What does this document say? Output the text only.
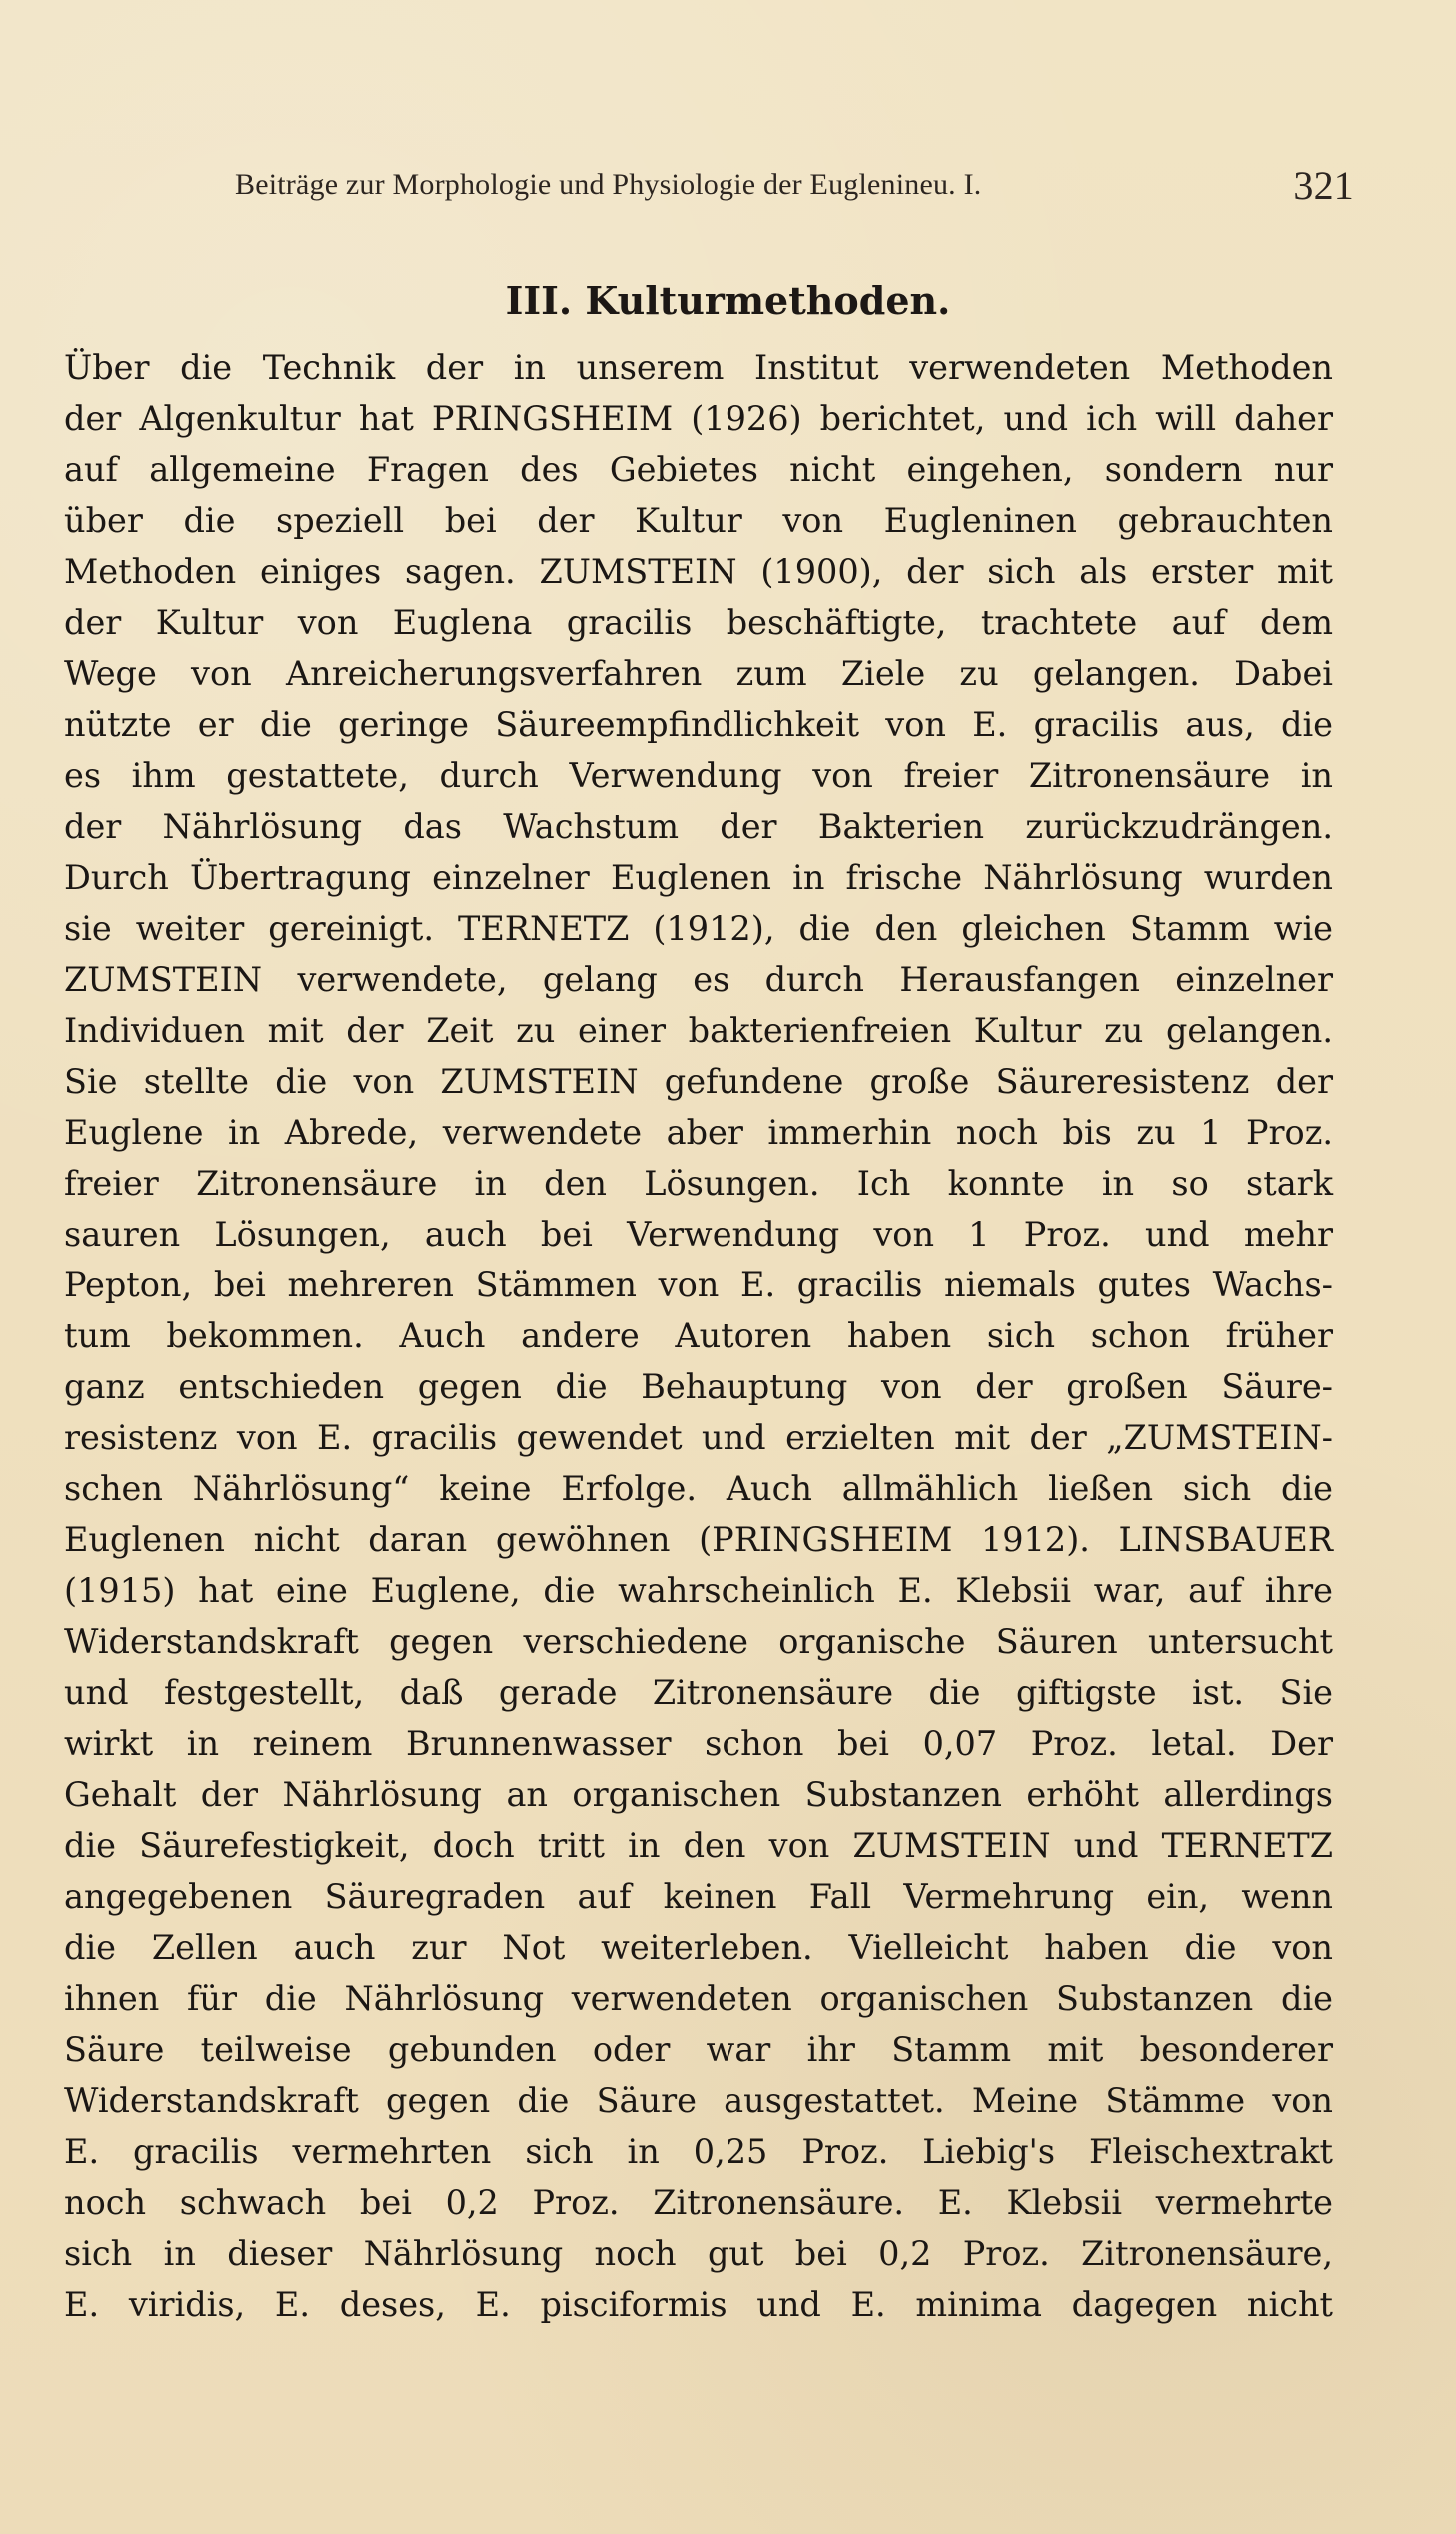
Beiträge zur Morphologie und Physiologie der Euglenineu. I.	321
III. Kulturmethoden.
Über die Technik der in unserem Institut verwendeten Methoden
der Algenkultur hat PRINGSHEIM (1926) berichtet, und ich will daher
auf allgemeine Fragen des Gebietes nicht eingehen, sondern nur
über die speziell bei der Kultur von Eugleninen gebrauchten
Methoden einiges sagen. ZUMSTEIN (1900), der sich als erster mit
der Kultur von Euglena gracilis beschäftigte, trachtete auf dem
Wege von Anreicherungsverfahren zum Ziele zu gelangen. Dabei
nützte er die geringe Säureempfindlichkeit von E. gracilis aus, die
es ihm gestattete, durch Verwendung von freier Zitronensäure in
der Nährlösung das Wachstum der Bakterien zurückzudrängen.
Durch Übertragung einzelner Euglenen in frische Nährlösung wurden
sie weiter gereinigt. TERNETZ (1912), die den gleichen Stamm wie
ZUMSTEIN verwendete, gelang es durch Herausfangen einzelner
Individuen mit der Zeit zu einer bakterienfreien Kultur zu gelangen.
Sie stellte die von ZUMSTEIN gefundene große Säureresistenz der
Euglene in Abrede, verwendete aber immerhin noch bis zu 1 Proz.
freier Zitronensäure in den Lösungen. Ich konnte in so stark
sauren Lösungen, auch bei Verwendung von 1 Proz. und mehr
Pepton, bei mehreren Stämmen von E. gracilis niemals gutes Wachs-
tum bekommen. Auch andere Autoren haben sich schon früher
ganz entschieden gegen die Behauptung von der großen Säure-
resistenz von E. gracilis gewendet und erzielten mit der „ZUMSTEIN-
schen Nährlösung“ keine Erfolge. Auch allmählich ließen sich die
Euglenen nicht daran gewöhnen (PRINGSHEIM 1912). LINSBAUER
(1915) hat eine Euglene, die wahrscheinlich E. Klebsii war, auf ihre
Widerstandskraft gegen verschiedene organische Säuren untersucht
und festgestellt, daß gerade Zitronensäure die giftigste ist. Sie
wirkt in reinem Brunnenwasser schon bei 0,07 Proz. letal. Der
Gehalt der Nährlösung an organischen Substanzen erhöht allerdings
die Säurefestigkeit, doch tritt in den von ZUMSTEIN und TERNETZ
angegebenen Säuregraden auf keinen Fall Vermehrung ein, wenn
die Zellen auch zur Not weiterleben. Vielleicht haben die von
ihnen für die Nährlösung verwendeten organischen Substanzen die
Säure teilweise gebunden oder war ihr Stamm mit besonderer
Widerstandskraft gegen die Säure ausgestattet. Meine Stämme von
E. gracilis vermehrten sich in 0,25 Proz. Liebig's Fleischextrakt
noch schwach bei 0,2 Proz. Zitronensäure. E. Klebsii vermehrte
sich in dieser Nährlösung noch gut bei 0,2 Proz. Zitronensäure,
E. viridis, E. deses, E. pisciformis und E. minima dagegen nicht
